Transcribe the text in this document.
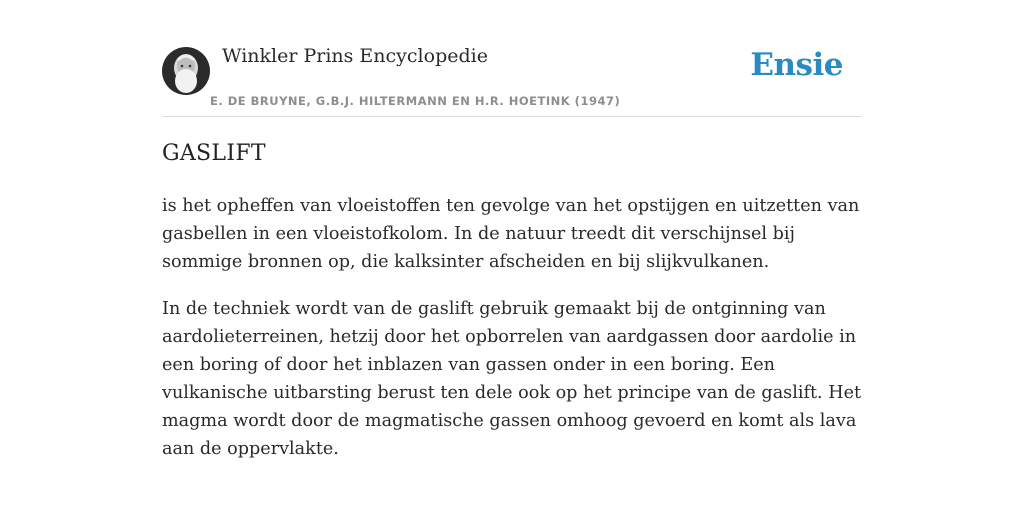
Winkler Prins Encyclopedie
E. DE BRUYNE, G.B.J. HILTERMANN EN H.R. HOETINK (1947)
Ensie
GASLIFT

is het opheffen van vloeistoffen ten gevolge van het opstijgen en uitzetten van gasbellen in een vloeistofkolom. In de natuur treedt dit verschijnsel bij sommige bronnen op, die kalksinter afscheiden en bij slijkvulkanen.

In de techniek wordt van de gaslift gebruik gemaakt bij de ontginning van aardolieterreinen, hetzij door het opborrelen van aardgassen door aardolie in een boring of door het inblazen van gassen onder in een boring. Een vulkanische uitbarsting berust ten dele ook op het principe van de gaslift. Het magma wordt door de magmatische gassen omhoog gevoerd en komt als lava aan de oppervlakte.
